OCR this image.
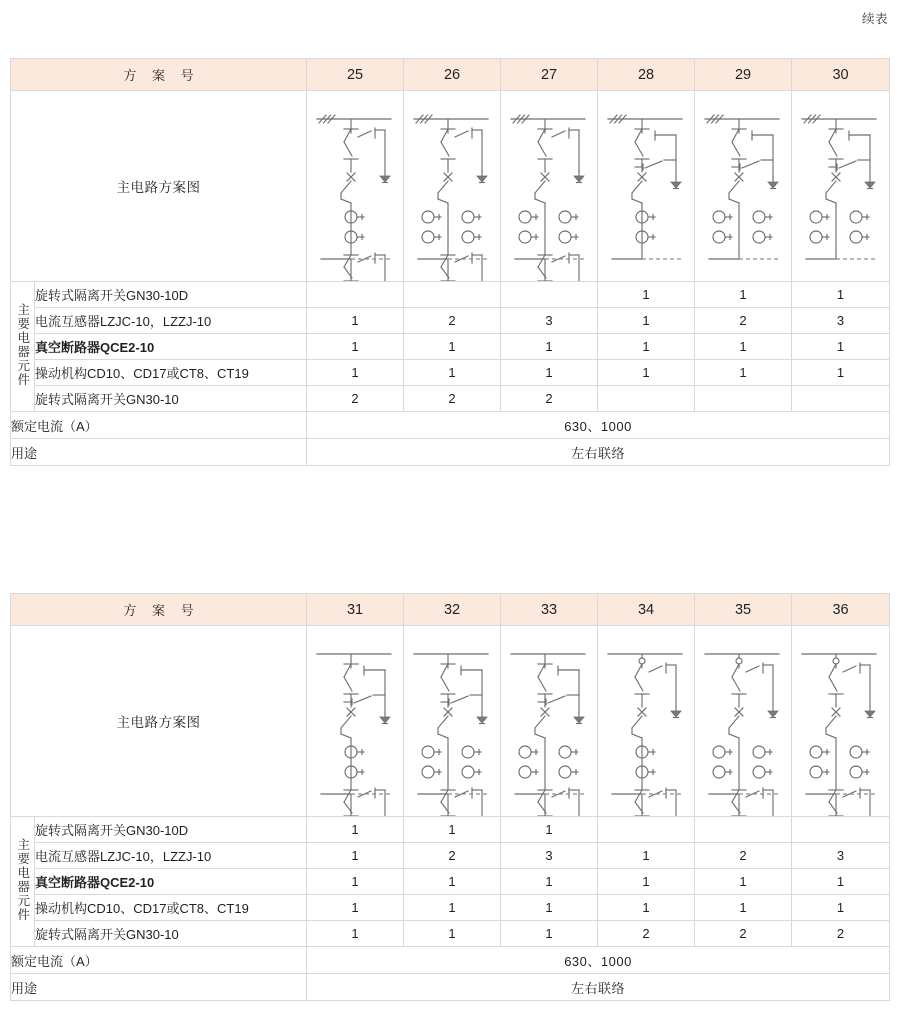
续表
方 案 号		25	26	27	28	29	30
主电路方案图	

主要电器元件	旋转式隔离开关GN30-10D				1	1	1
	电流互感器LZJC-10，LZZJ-10	1	2	3	1	2	3
	真空断路器QCE2-10	1	1	1	1	1	1
	操动机构CD10、CD17或CT8、CT19	1	1	1	1	1	1
	旋转式隔离开关GN30-10	2	2	2			
额定电流（A）		630、1000					
用途		左右联络					
方 案 号		31	32	33	34	35	36
主电路方案图	

主要电器元件	旋转式隔离开关GN30-10D	1	1	1			
	电流互感器LZJC-10，LZZJ-10	1	2	3	1	2	3
	真空断路器QCE2-10	1	1	1	1	1	1
	操动机构CD10、CD17或CT8、CT19	1	1	1	1	1	1
	旋转式隔离开关GN30-10	1	1	1	2	2	2
额定电流（A）		630、1000					
用途		左右联络					
